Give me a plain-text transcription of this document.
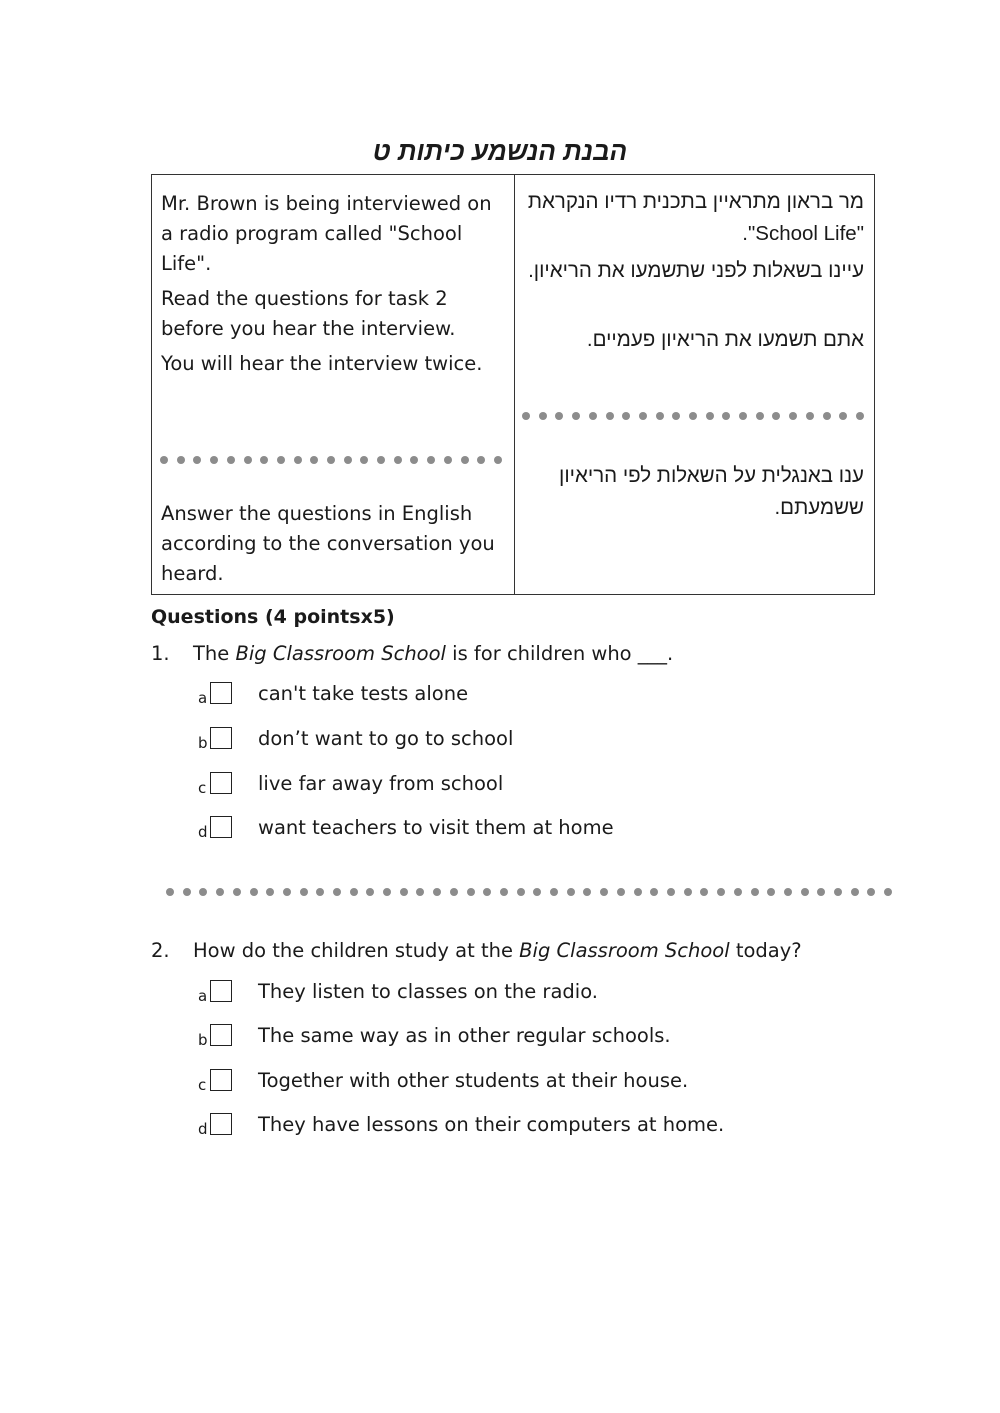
הבנת הנשמע כיתות ט

Mr. Brown is being interviewed on a radio program called "School Life".

Read the questions for task 2 before you hear the interview.

You will hear the interview twice.

Answer the questions in English according to the conversation you heard.

מר בראון מתראיין בתכנית רדיו הנקראת "School Life".

עיינו בשאלות לפני שתשמעו את הריאיון.

אתם תשמעו את הריאיון פעמיים.

ענו באנגלית על השאלות לפי הריאיון ששמעתם.

Questions (4 pointsx5)

1. The Big Classroom School is for children who ___.

a	can't take tests alone
b	don’t want to go to school
c	live far away from school
d	want teachers to visit them at home

2. How do the children study at the Big Classroom School today?

a	They listen to classes on the radio.
b	The same way as in other regular schools.
c	Together with other students at their house.
d	They have lessons on their computers at home.
